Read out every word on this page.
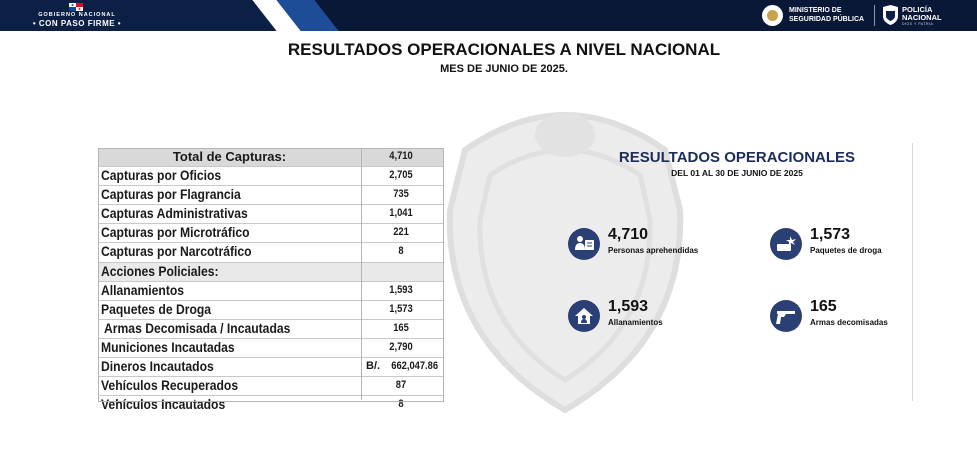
GOBIERNO NACIONAL
• CON PASO FIRME •
MINISTERIO DE
SEGURIDAD PÚBLICA
POLICÍA
NACIONAL
DIOS Y PATRIA
RESULTADOS OPERACIONALES A NIVEL NACIONAL
MES DE JUNIO DE 2025.
Total de Capturas:	4,710
Capturas por Oficios	2,705
Capturas por Flagrancia	735
Capturas Administrativas	1,041
Capturas por Microtráfico	221
Capturas por Narcotráfico	8
Acciones Policiales:
Allanamientos	1,593
Paquetes de Droga	1,573
Armas Decomisada / Incautadas	165
Municiones Incautadas	2,790
Dineros Incautados	B/. 662,047.86
Vehículos Recuperados	87
Vehículos Incautados	8
RESULTADOS OPERACIONALES
DEL 01 AL 30 DE JUNIO DE 2025
4,710
Personas aprehendidas
1,573
Paquetes de droga
1,593
Allanamientos
165
Armas decomisadas
